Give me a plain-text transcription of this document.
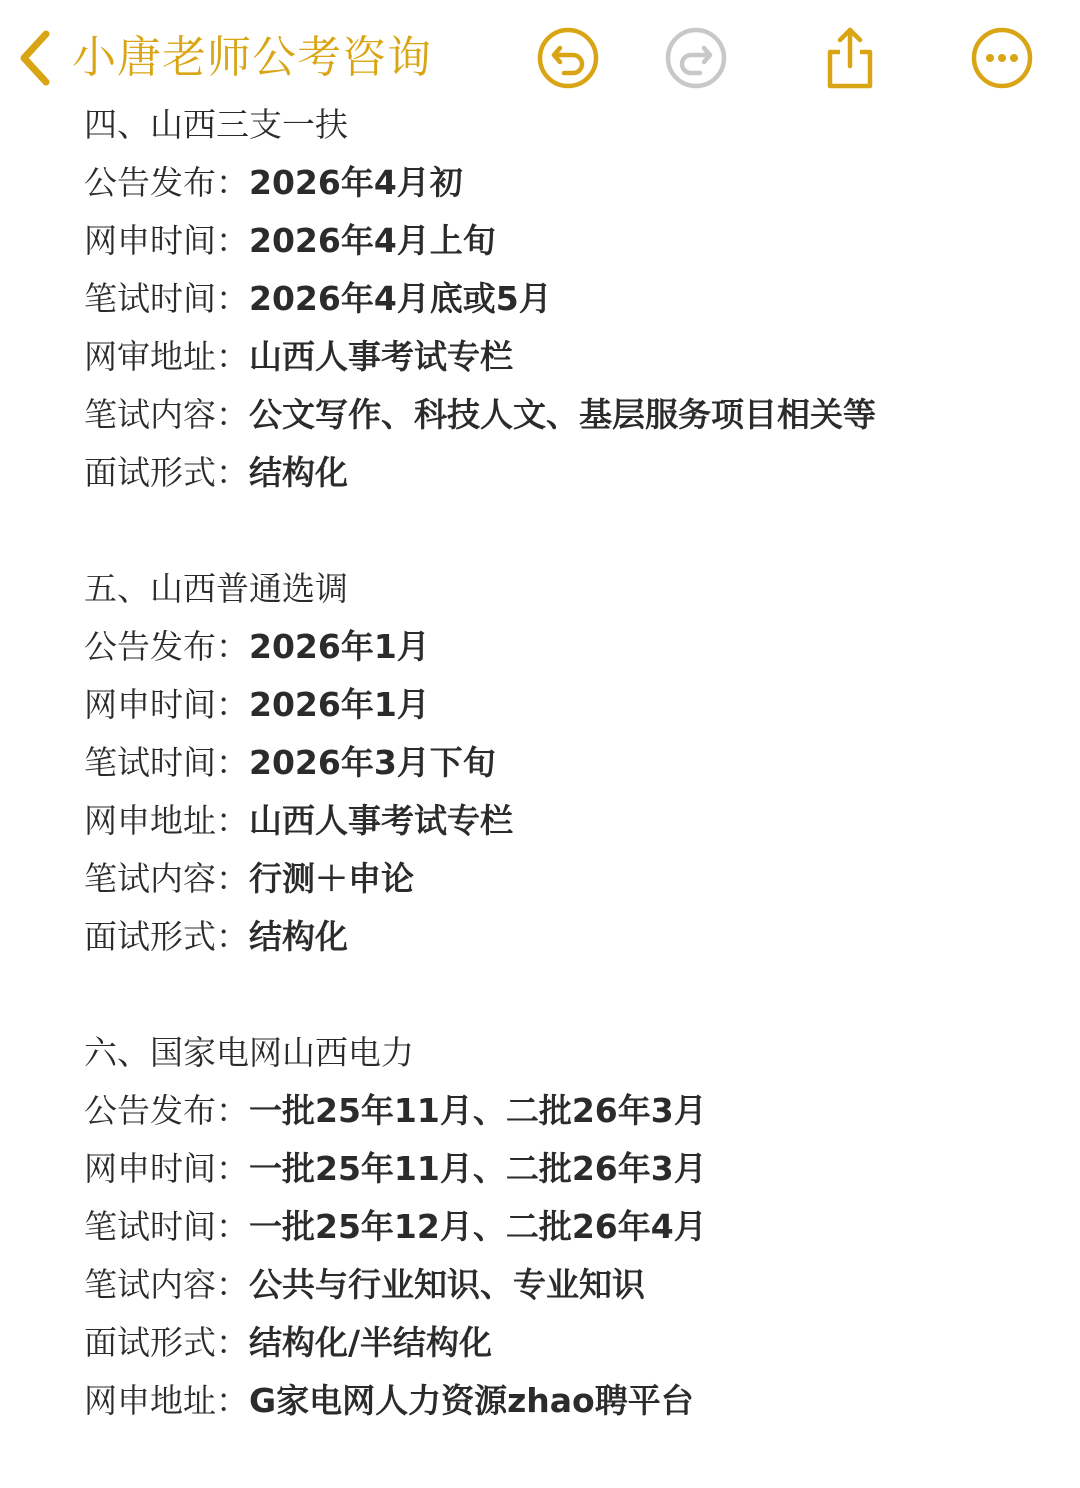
小唐老师公考咨询
四、山西三支一扶
公告发布：2026年4月初
网申时间：2026年4月上旬
笔试时间：2026年4月底或5月
网审地址：山西人事考试专栏
笔试内容：公文写作、科技人文、基层服务项目相关等
面试形式：结构化
五、山西普通选调
公告发布：2026年1月
网申时间：2026年1月
笔试时间：2026年3月下旬
网申地址：山西人事考试专栏
笔试内容：行测＋申论
面试形式：结构化
六、国家电网山西电力
公告发布：一批25年11月、二批26年3月
网申时间：一批25年11月、二批26年3月
笔试时间：一批25年12月、二批26年4月
笔试内容：公共与行业知识、专业知识
面试形式：结构化/半结构化
网申地址：G家电网人力资源zhao聘平台
